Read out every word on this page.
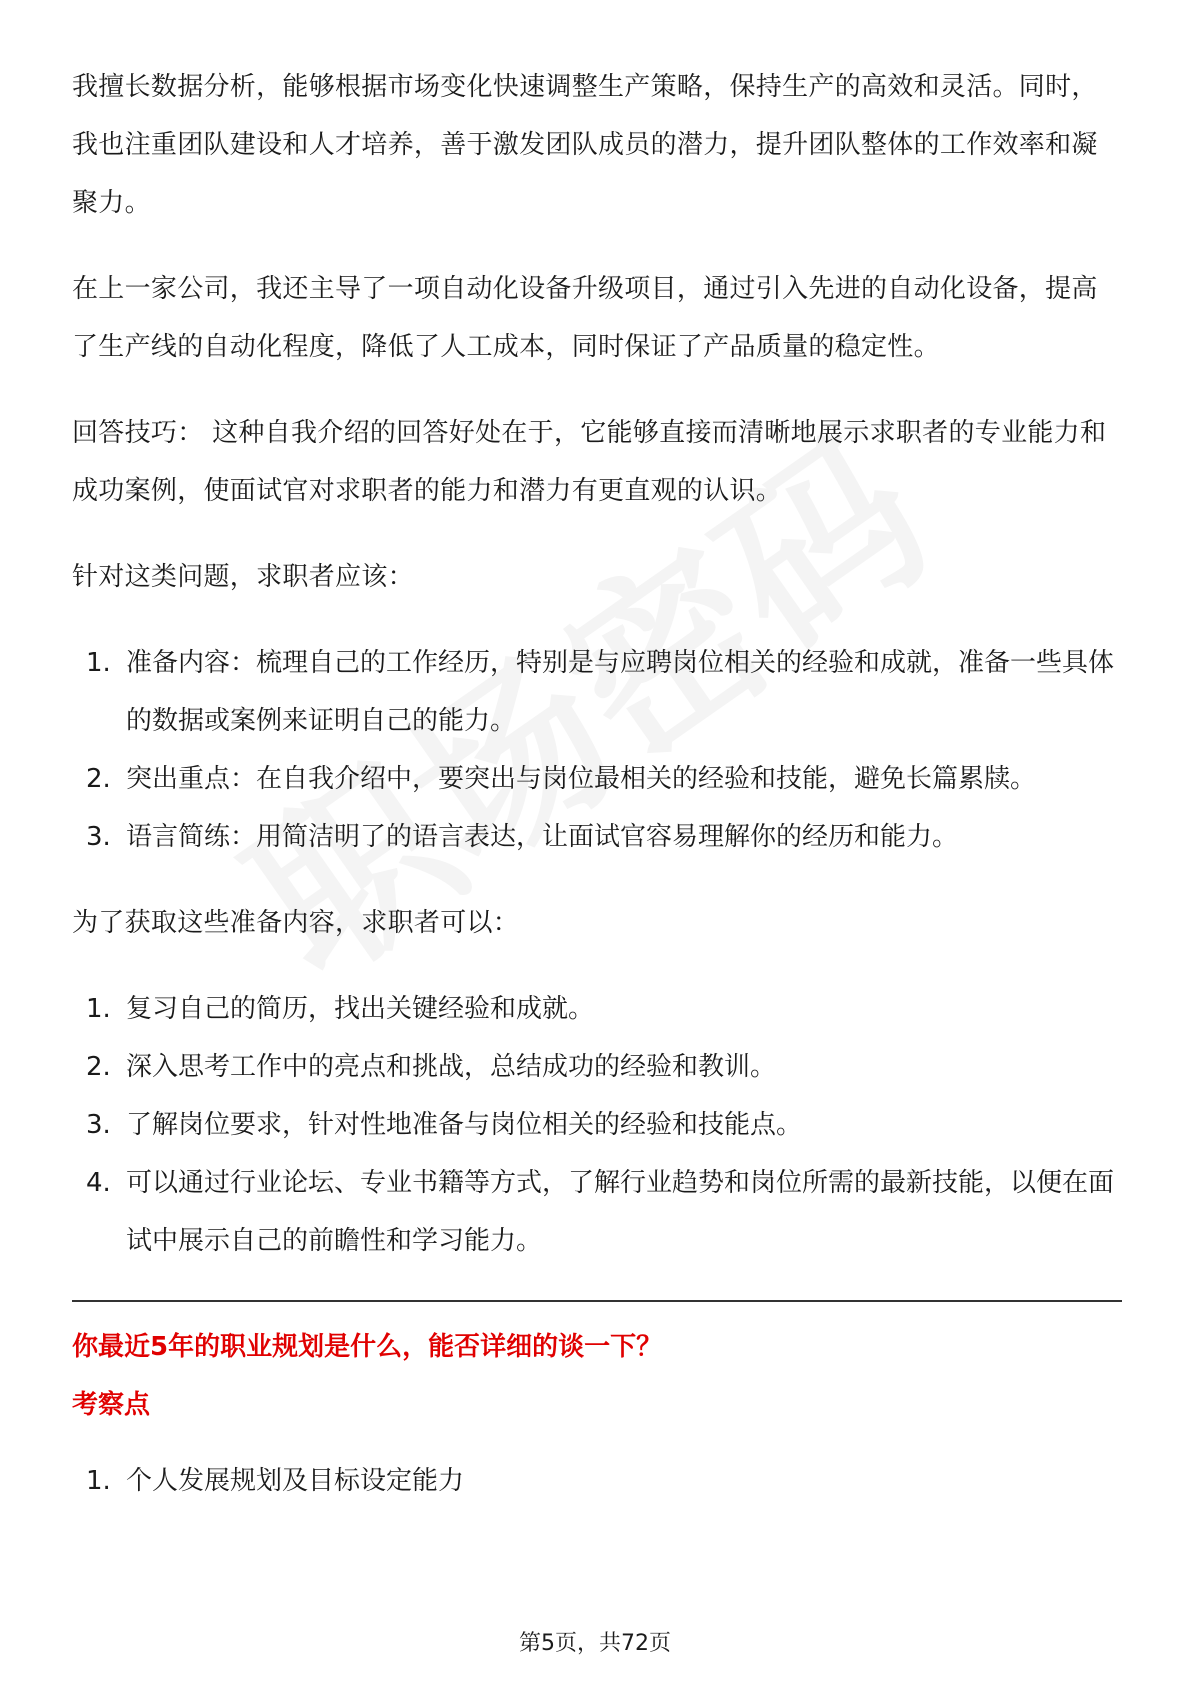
我擅长数据分析，能够根据市场变化快速调整生产策略，保持生产的高效和灵活。同时，我也注重团队建设和人才培养，善于激发团队成员的潜力，提升团队整体的工作效率和凝聚力。

在上一家公司，我还主导了一项自动化设备升级项目，通过引入先进的自动化设备，提高了生产线的自动化程度，降低了人工成本，同时保证了产品质量的稳定性。

回答技巧： 这种自我介绍的回答好处在于，它能够直接而清晰地展示求职者的专业能力和成功案例，使面试官对求职者的能力和潜力有更直观的认识。

针对这类问题，求职者应该：

1. 准备内容：梳理自己的工作经历，特别是与应聘岗位相关的经验和成就，准备一些具体的数据或案例来证明自己的能力。
2. 突出重点：在自我介绍中，要突出与岗位最相关的经验和技能，避免长篇累牍。
3. 语言简练：用简洁明了的语言表达，让面试官容易理解你的经历和能力。

为了获取这些准备内容，求职者可以：

1. 复习自己的简历，找出关键经验和成就。
2. 深入思考工作中的亮点和挑战，总结成功的经验和教训。
3. 了解岗位要求，针对性地准备与岗位相关的经验和技能点。
4. 可以通过行业论坛、专业书籍等方式，了解行业趋势和岗位所需的最新技能，以便在面试中展示自己的前瞻性和学习能力。

你最近5年的职业规划是什么，能否详细的谈一下？

考察点

1. 个人发展规划及目标设定能力
第5页，共72页
